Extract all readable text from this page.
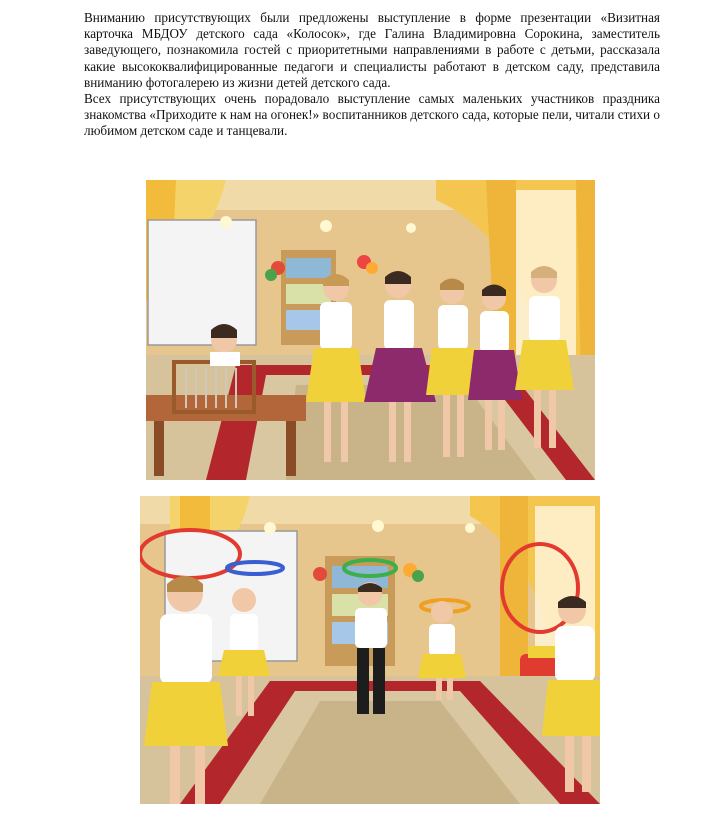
Вниманию присутствующих были предложены выступление в форме презентации «Визитная карточка МБДОУ детского сада «Колосок», где Галина Владимировна Сорокина, заместитель заведующего, познакомила гостей с приоритетными направлениями в работе с детьми, рассказала какие высококвалифицированные педагоги и специалисты работают в детском саду, представила вниманию фотогалерею из жизни детей детского сада.

Всех присутствующих очень порадовало выступление самых маленьких участников праздника знакомства «Приходите к нам на огонек!» воспитанников детского сада, которые пели, читали стихи о любимом детском саде и танцевали.
